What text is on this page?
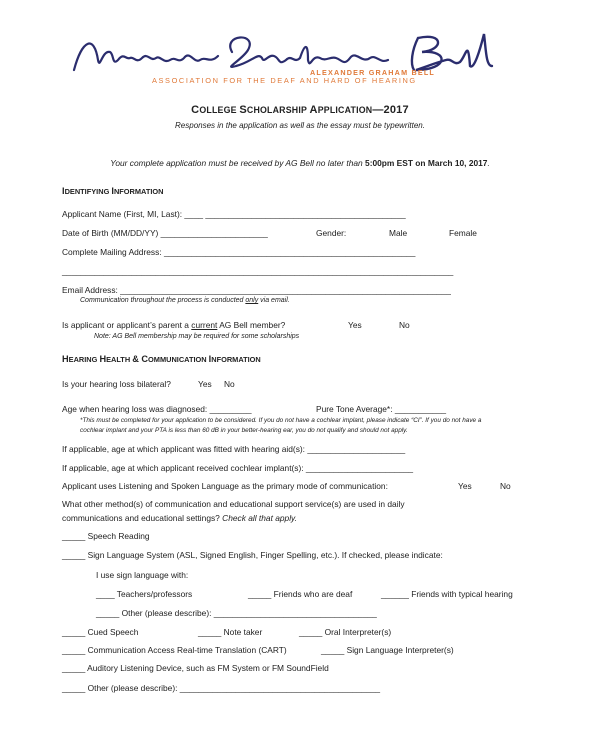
ALEXANDER GRAHAM BELL
ASSOCIATION FOR THE DEAF AND HARD OF HEARING
COLLEGE SCHOLARSHIP APPLICATION—2017
Responses in the application as well as the essay must be typewritten.
Your complete application must be received by AG Bell no later than 5:00pm EST on March 10, 2017.
IDENTIFYING INFORMATION
Applicant Name (First, MI, Last): ____ ___________________________________________
Date of Birth (MM/DD/YY) _______________________	Gender:	Male	Female
Complete Mailing Address: ______________________________________________________
____________________________________________________________________________________
Email Address: _______________________________________________________________________
Communication throughout the process is conducted only via email.
Is applicant or applicant’s parent a current AG Bell member?	Yes	No
Note: AG Bell membership may be required for some scholarships
HEARING HEALTH & COMMUNICATION INFORMATION
Is your hearing loss bilateral?	Yes No
Age when hearing loss was diagnosed: _________	Pure Tone Average*: ___________
*This must be completed for your application to be considered. If you do not have a cochlear implant, please indicate “CI”. If you do not have a
cochlear implant and your PTA is less than 60 dB in your better-hearing ear, you do not qualify and should not apply.
If applicable, age at which applicant was fitted with hearing aid(s): _____________________
If applicable, age at which applicant received cochlear implant(s): _______________________
Applicant uses Listening and Spoken Language as the primary mode of communication:	Yes	No
What other method(s) of communication and educational support service(s) are used in daily
communications and educational settings? Check all that apply.
_____ Speech Reading
_____ Sign Language System (ASL, Signed English, Finger Spelling, etc.). If checked, please indicate:
I use sign language with:
____ Teachers/professors	_____ Friends who are deaf	______ Friends with typical hearing
_____ Other (please describe): ___________________________________
_____ Cued Speech	_____ Note taker	_____ Oral Interpreter(s)
_____ Communication Access Real-time Translation (CART)	_____ Sign Language Interpreter(s)
_____ Auditory Listening Device, such as FM System or FM SoundField
_____ Other (please describe): ___________________________________________
